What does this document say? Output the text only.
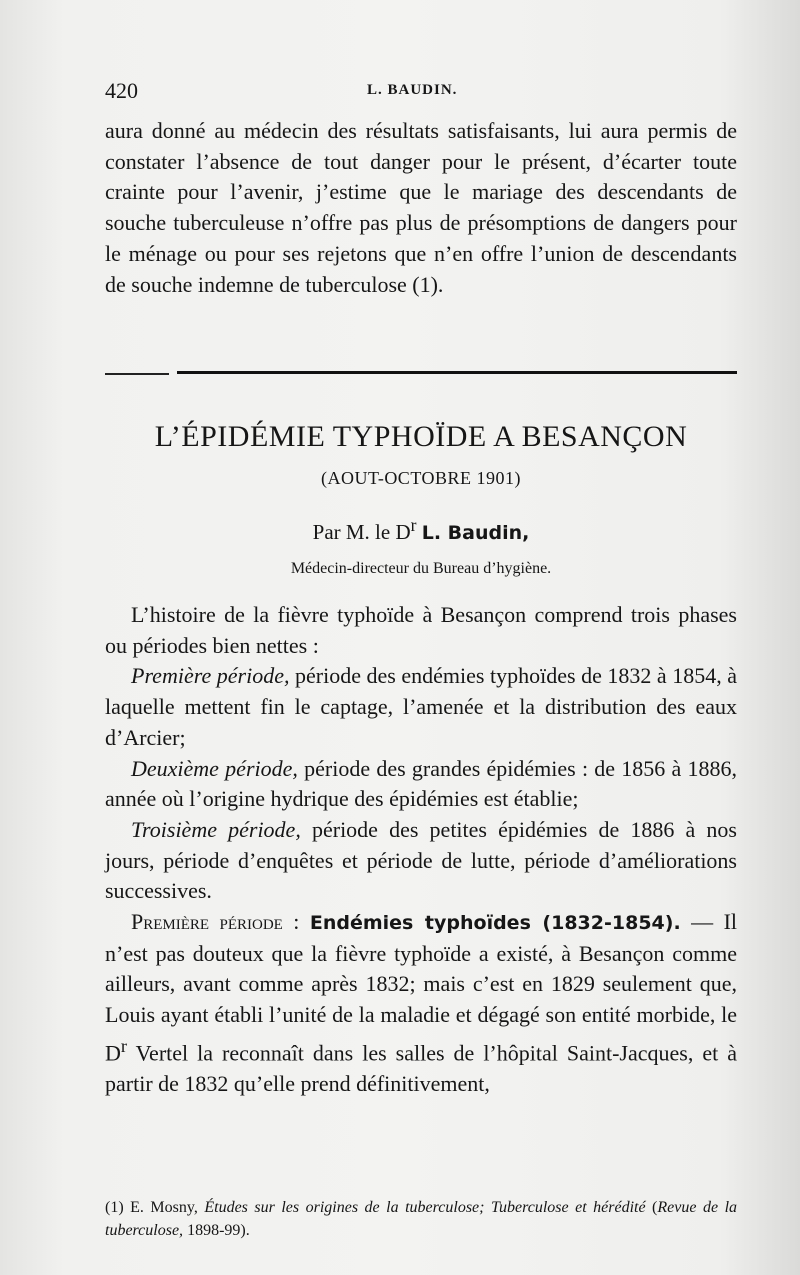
420	L. BAUDIN.

aura donné au médecin des résultats satisfaisants, lui aura permis de constater l’absence de tout danger pour le présent, d’écarter toute crainte pour l’avenir, j’estime que le mariage des descendants de souche tuberculeuse n’offre pas plus de présomptions de dangers pour le ménage ou pour ses rejetons que n’en offre l’union de descendants de souche indemne de tuberculose (1).

L’ÉPIDÉMIE TYPHOÏDE A BESANÇON
(AOUT-OCTOBRE 1901)
Par M. le $D^r$ L. Baudin,
Médecin-directeur du Bureau d’hygiène.

L’histoire de la fièvre typhoïde à Besançon comprend trois phases ou périodes bien nettes :

Première période, période des endémies typhoïdes de 1832 à 1854, à laquelle mettent fin le captage, l’amenée et la distribution des eaux d’Arcier;

Deuxième période, période des grandes épidémies : de 1856 à 1886, année où l’origine hydrique des épidémies est établie;

Troisième période, période des petites épidémies de 1886 à nos jours, période d’enquêtes et période de lutte, période d’améliorations successives.

Première période : Endémies typhoïdes (1832-1854). — Il n’est pas douteux que la fièvre typhoïde a existé, à Besançon comme ailleurs, avant comme après 1832; mais c’est en 1829 seulement que, Louis ayant établi l’unité de la maladie et dégagé son entité morbide, le $D^r$ Vertel la reconnaît dans les salles de l’hôpital Saint-Jacques, et à partir de 1832 qu’elle prend définitivement,

(1) E. Mosny, Études sur les origines de la tuberculose; Tuberculose et hérédité (Revue de la tuberculose, 1898-99).
